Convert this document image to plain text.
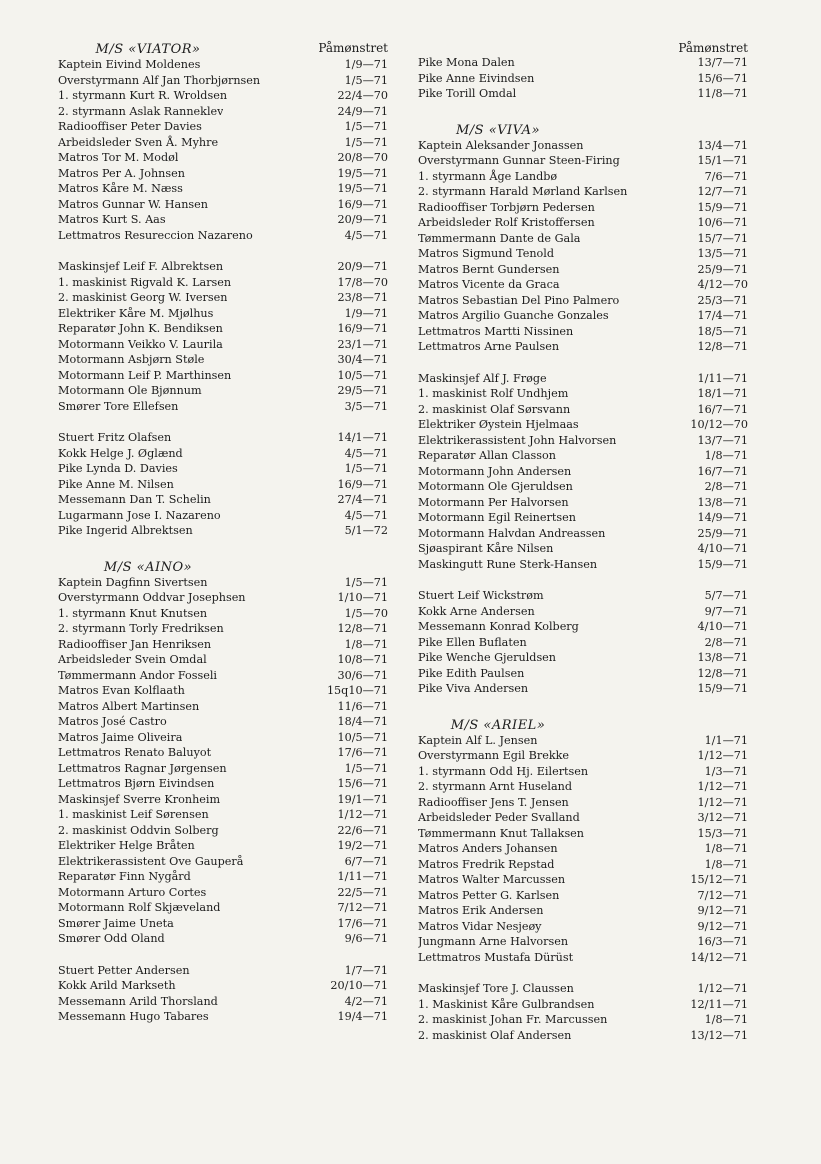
Påmønstret
M/S «VIATOR»
Kaptein Eivind Moldenes	1/9—71
Overstyrmann Alf Jan Thorbjørnsen	1/5—71
1. styrmann Kurt R. Wroldsen	22/4—70
2. styrmann Aslak Ranneklev	24/9—71
Radiooffiser Peter Davies	1/5—71
Arbeidsleder Sven Å. Myhre	1/5—71
Matros Tor M. Modøl	20/8—70
Matros Per A. Johnsen	19/5—71
Matros Kåre M. Næss	19/5—71
Matros Gunnar W. Hansen	16/9—71
Matros Kurt S. Aas	20/9—71
Lettmatros Resureccion Nazareno	4/5—71
Maskinsjef Leif F. Albrektsen	20/9—71
1. maskinist Rigvald K. Larsen	17/8—70
2. maskinist Georg W. Iversen	23/8—71
Elektriker Kåre M. Mjølhus	1/9—71
Reparatør John K. Bendiksen	16/9—71
Motormann Veikko V. Laurila	23/1—71
Motormann Asbjørn Støle	30/4—71
Motormann Leif P. Marthinsen	10/5—71
Motormann Ole Bjønnum	29/5—71
Smører Tore Ellefsen	3/5—71
Stuert Fritz Olafsen	14/1—71
Kokk Helge J. Øglænd	4/5—71
Pike Lynda D. Davies	1/5—71
Pike Anne M. Nilsen	16/9—71
Messemann Dan T. Schelin	27/4—71
Lugarmann Jose I. Nazareno	4/5—71
Pike Ingerid Albrektsen	5/1—72
M/S «AINO»
Kaptein Dagfinn Sivertsen	1/5—71
Overstyrmann Oddvar Josephsen	1/10—71
1. styrmann Knut Knutsen	1/5—70
2. styrmann Torly Fredriksen	12/8—71
Radiooffiser Jan Henriksen	1/8—71
Arbeidsleder Svein Omdal	10/8—71
Tømmermann Andor Fosseli	30/6—71
Matros Evan Kolflaath	15q10—71
Matros Albert Martinsen	11/6—71
Matros José Castro	18/4—71
Matros Jaime Oliveira	10/5—71
Lettmatros Renato Baluyot	17/6—71
Lettmatros Ragnar Jørgensen	1/5—71
Lettmatros Bjørn Eivindsen	15/6—71
Maskinsjef Sverre Kronheim	19/1—71
1. maskinist Leif Sørensen	1/12—71
2. maskinist Oddvin Solberg	22/6—71
Elektriker Helge Bråten	19/2—71
Elektrikerassistent Ove Gauperå	6/7—71
Reparatør Finn Nygård	1/11—71
Motormann Arturo Cortes	22/5—71
Motormann Rolf Skjæveland	7/12—71
Smører Jaime Uneta	17/6—71
Smører Odd Oland	9/6—71
Stuert Petter Andersen	1/7—71
Kokk Arild Markseth	20/10—71
Messemann Arild Thorsland	4/2—71
Messemann Hugo Tabares	19/4—71
Påmønstret
Pike Mona Dalen	13/7—71
Pike Anne Eivindsen	15/6—71
Pike Torill Omdal	11/8—71
M/S «VIVA»
Kaptein Aleksander Jonassen	13/4—71
Overstyrmann Gunnar Steen-Firing	15/1—71
1. styrmann Åge Landbø	7/6—71
2. styrmann Harald Mørland Karlsen	12/7—71
Radiooffiser Torbjørn Pedersen	15/9—71
Arbeidsleder Rolf Kristoffersen	10/6—71
Tømmermann Dante de Gala	15/7—71
Matros Sigmund Tenold	13/5—71
Matros Bernt Gundersen	25/9—71
Matros Vicente da Graca	4/12—70
Matros Sebastian Del Pino Palmero	25/3—71
Matros Argilio Guanche Gonzales	17/4—71
Lettmatros Martti Nissinen	18/5—71
Lettmatros Arne Paulsen	12/8—71
Maskinsjef Alf J. Frøge	1/11—71
1. maskinist Rolf Undhjem	18/1—71
2. maskinist Olaf Sørsvann	16/7—71
Elektriker Øystein Hjelmaas	10/12—70
Elektrikerassistent John Halvorsen	13/7—71
Reparatør Allan Classon	1/8—71
Motormann John Andersen	16/7—71
Motormann Ole Gjeruldsen	2/8—71
Motormann Per Halvorsen	13/8—71
Motormann Egil Reinertsen	14/9—71
Motormann Halvdan Andreassen	25/9—71
Sjøaspirant Kåre Nilsen	4/10—71
Maskingutt Rune Sterk-Hansen	15/9—71
Stuert Leif Wickstrøm	5/7—71
Kokk Arne Andersen	9/7—71
Messemann Konrad Kolberg	4/10—71
Pike Ellen Buflaten	2/8—71
Pike Wenche Gjeruldsen	13/8—71
Pike Edith Paulsen	12/8—71
Pike Viva Andersen	15/9—71
M/S «ARIEL»
Kaptein Alf L. Jensen	1/1—71
Overstyrmann Egil Brekke	1/12—71
1. styrmann Odd Hj. Eilertsen	1/3—71
2. styrmann Arnt Huseland	1/12—71
Radiooffiser Jens T. Jensen	1/12—71
Arbeidsleder Peder Svalland	3/12—71
Tømmermann Knut Tallaksen	15/3—71
Matros Anders Johansen	1/8—71
Matros Fredrik Repstad	1/8—71
Matros Walter Marcussen	15/12—71
Matros Petter G. Karlsen	7/12—71
Matros Erik Andersen	9/12—71
Matros Vidar Nesjeøy	9/12—71
Jungmann Arne Halvorsen	16/3—71
Lettmatros Mustafa Dürüst	14/12—71
Maskinsjef Tore J. Claussen	1/12—71
1. Maskinist Kåre Gulbrandsen	12/11—71
2. maskinist Johan Fr. Marcussen	1/8—71
2. maskinist Olaf Andersen	13/12—71
